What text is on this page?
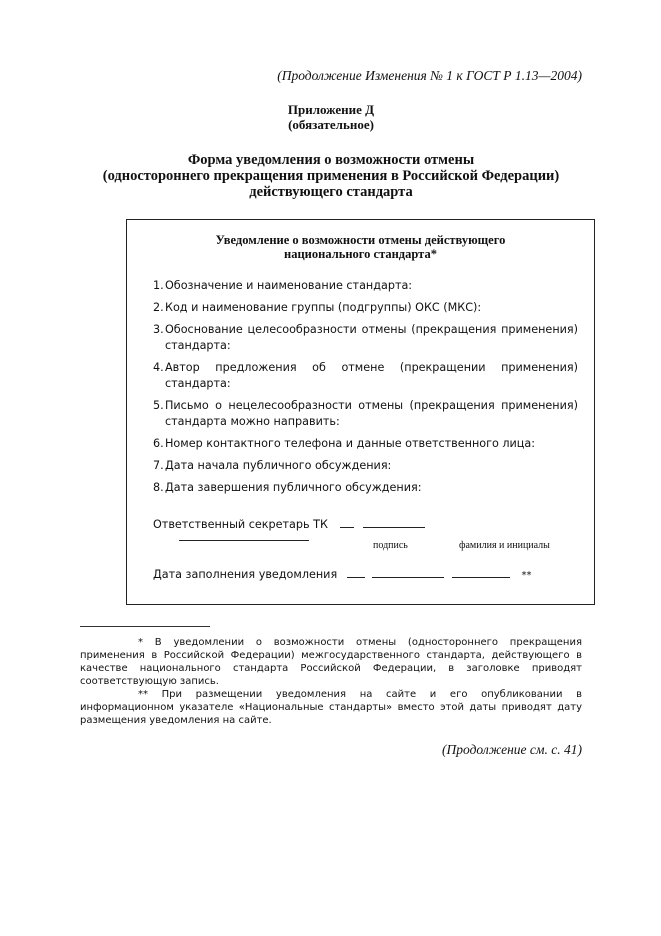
(Продолжение Изменения № 1 к ГОСТ Р 1.13—2004)
Приложение Д
(обязательное)
Форма уведомления о возможности отмены
(одностороннего прекращения применения в Российской Федерации)
действующего стандарта
Уведомление о возможности отмены действующего
национального стандарта*
1. Обозначение и наименование стандарта:
2. Код и наименование группы (подгруппы) ОКС (МКС):
3. Обоснование целесообразности отмены (прекращения применения) стандарта:
4. Автор предложения об отмене (прекращении применения) стандарта:
5. Письмо о нецелесообразности отмены (прекращения применения) стандарта можно направить:
6. Номер контактного телефона и данные ответственного лица:
7. Дата начала публичного обсуждения:
8. Дата завершения публичного обсуждения:
Ответственный секретарь ТК
подпись	фамилия и инициалы
Дата заполнения уведомления	**

* В уведомлении о возможности отмены (одностороннего прекращения применения в Российской Федерации) межгосударственного стандарта, действующего в качестве национального стандарта Российской Федерации, в заголовке приводят соответствующую запись.

** При размещении уведомления на сайте и его опубликовании в информационном указателе «Национальные стандарты» вместо этой даты приводят дату размещения уведомления на сайте.

(Продолжение см. с. 41)
